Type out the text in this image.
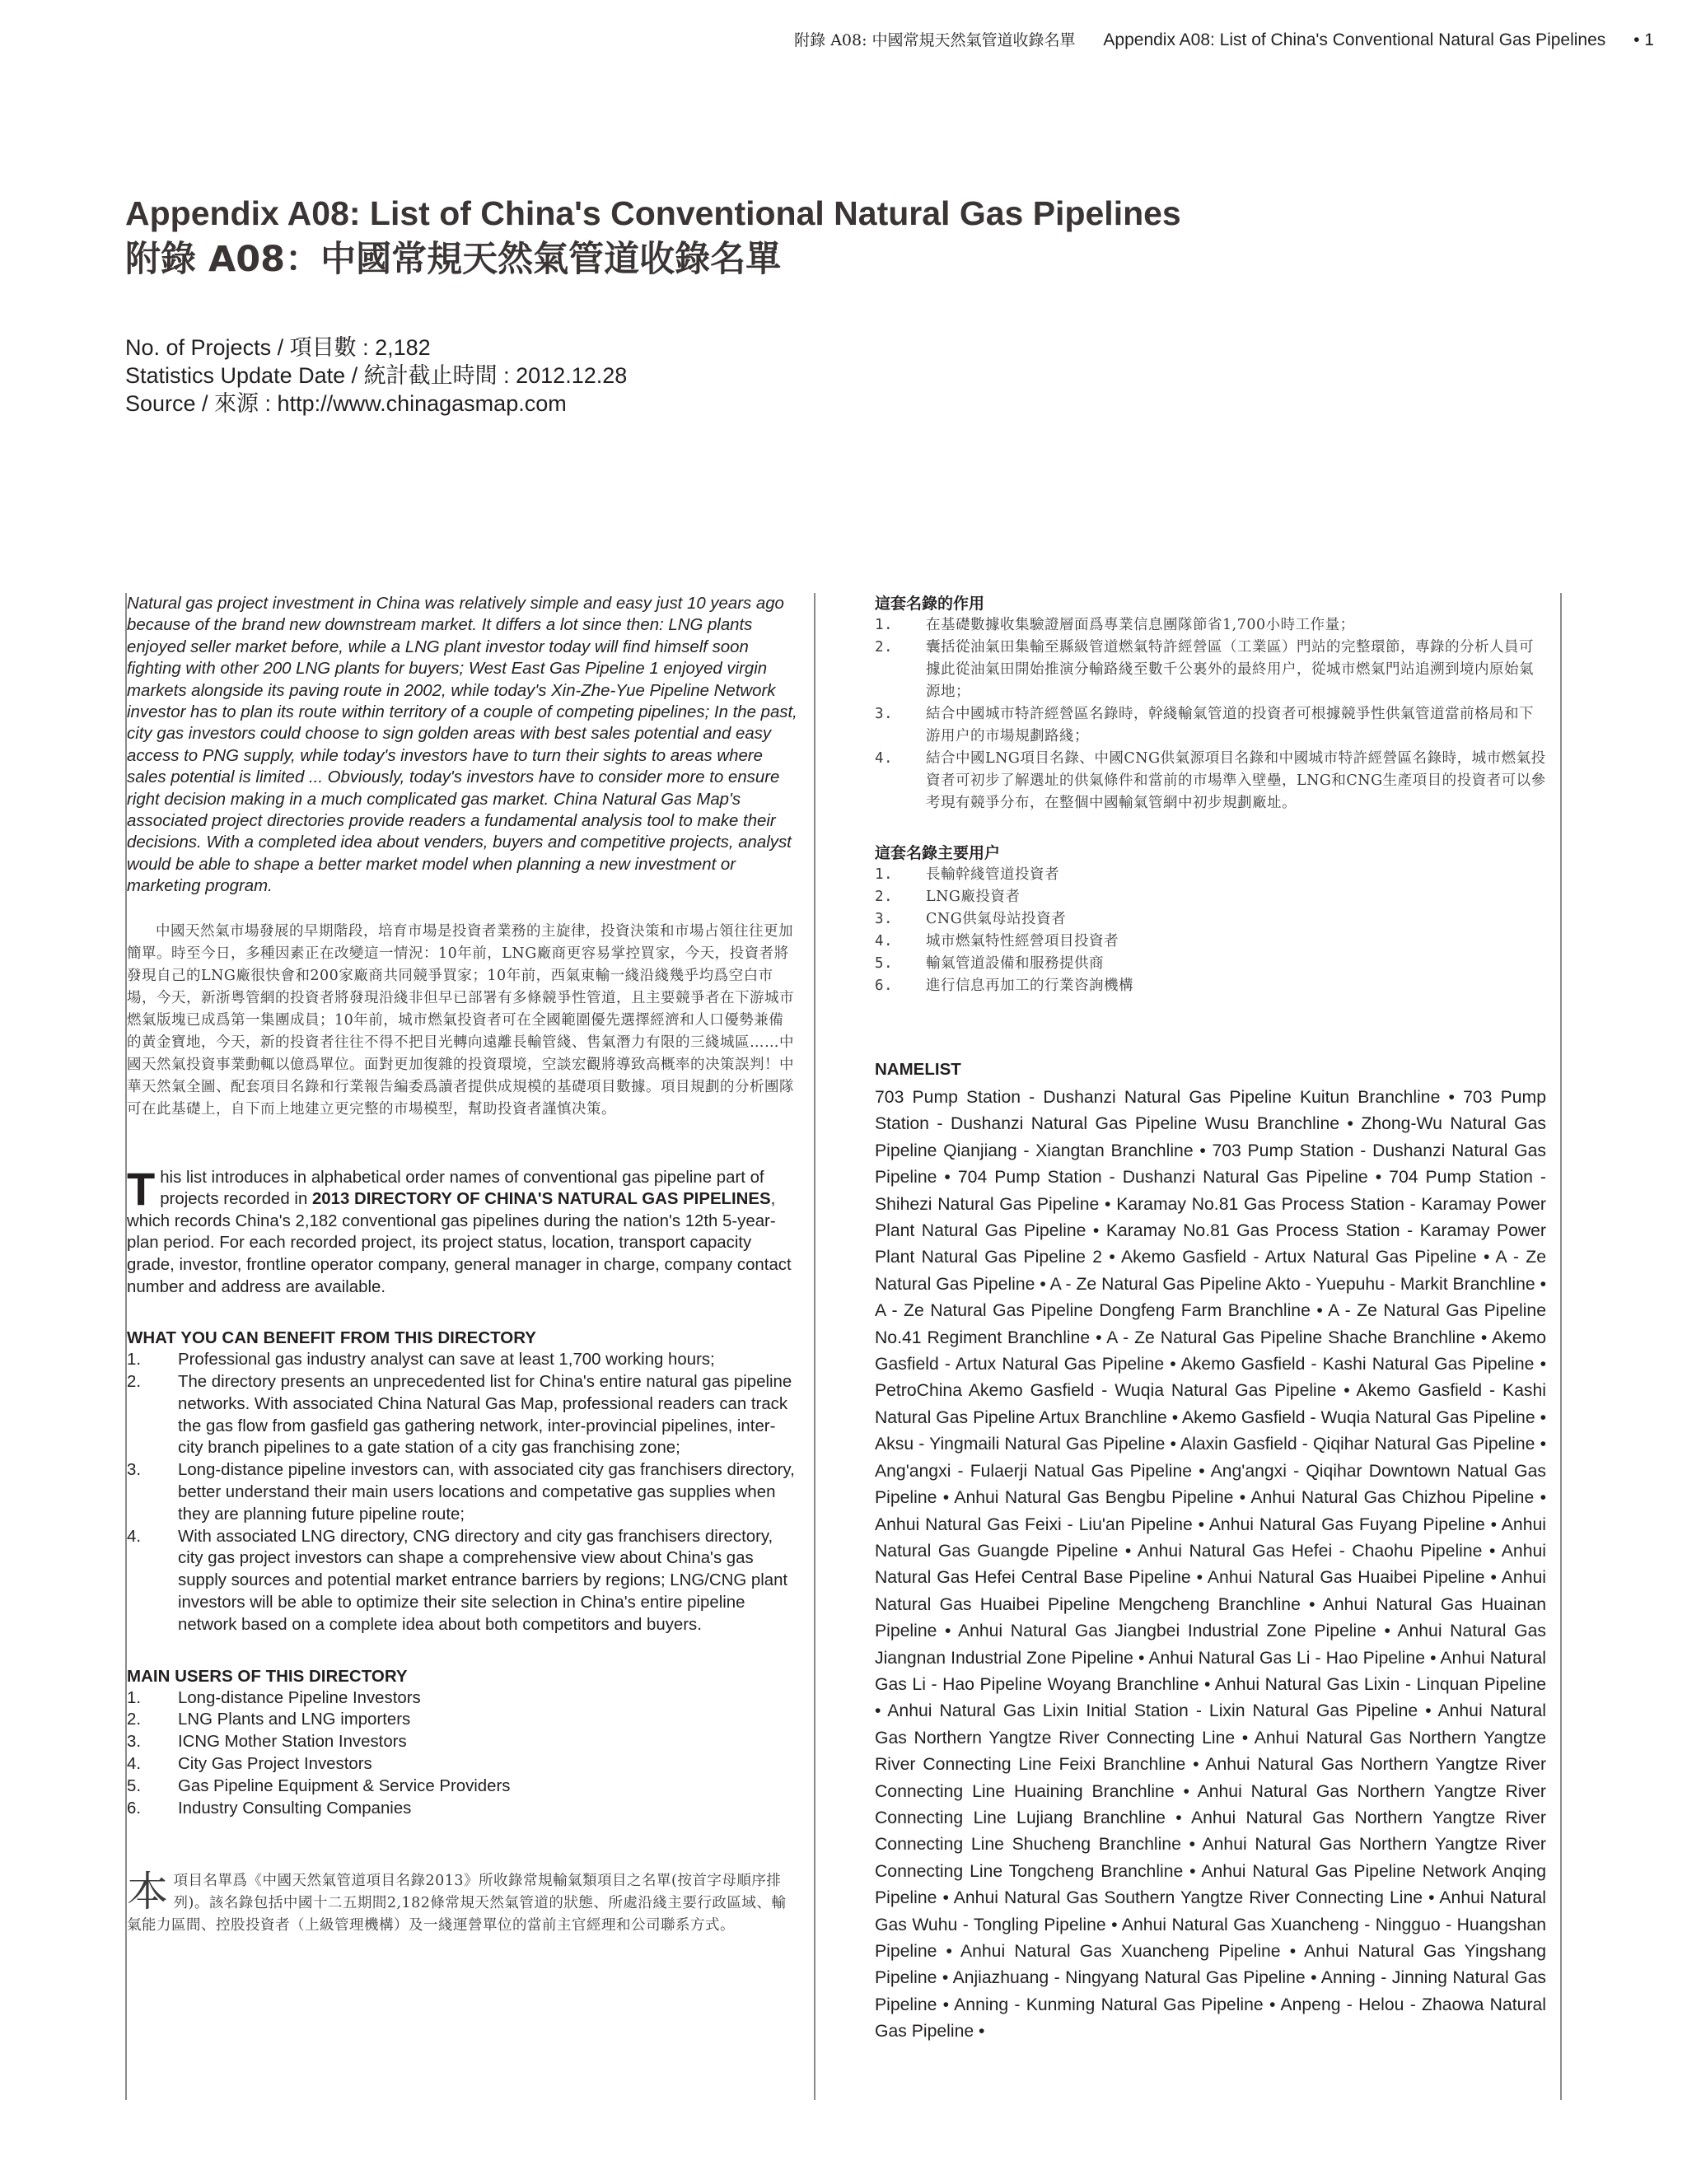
附錄 A08: 中國常規天然氣管道收錄名單 Appendix A08: List of China's Conventional Natural Gas Pipelines • 1
Appendix A08: List of China's Conventional Natural Gas Pipelines
附錄 A08：中國常規天然氣管道收錄名單
No. of Projects / 項目數 : 2,182
Statistics Update Date / 統計截止時間 : 2012.12.28
Source / 來源 : http://www.chinagasmap.com

Natural gas project investment in China was relatively simple and easy just 10 years ago because of the brand new downstream market. It differs a lot since then: LNG plants enjoyed seller market before, while a LNG plant investor today will find himself soon fighting with other 200 LNG plants for buyers; West East Gas Pipeline 1 enjoyed virgin markets alongside its paving route in 2002, while today's Xin-Zhe-Yue Pipeline Network investor has to plan its route within territory of a couple of competing pipelines; In the past, city gas investors could choose to sign golden areas with best sales potential and easy access to PNG supply, while today's investors have to turn their sights to areas where sales potential is limited ... Obviously, today's investors have to consider more to ensure right decision making in a much complicated gas market. China Natural Gas Map's associated project directories provide readers a fundamental analysis tool to make their decisions. With a completed idea about venders, buyers and competitive projects, analyst would be able to shape a better market model when planning a new investment or marketing program.

中國天然氣市場發展的早期階段，培育市場是投資者業務的主旋律，投資決策和市場占領往往更加簡單。時至今日，多種因素正在改變這一情況：10年前，LNG廠商更容易掌控買家，今天，投資者將發現自己的LNG廠很快會和200家廠商共同競爭買家；10年前，西氣東輸一綫沿綫幾乎均爲空白市場，今天，新浙粵管網的投資者將發現沿綫非但早已部署有多條競爭性管道，且主要競爭者在下游城市燃氣版塊已成爲第一集團成員；10年前，城市燃氣投資者可在全國範圍優先選擇經濟和人口優勢兼備的黃金寶地，今天，新的投資者往往不得不把目光轉向遠離長輸管綫、售氣潛力有限的三綫城區……中國天然氣投資事業動輒以億爲單位。面對更加復雜的投資環境，空談宏觀將導致高概率的决策誤判！中華天然氣全圖、配套項目名錄和行業報告編委爲讀者提供成規模的基礎項目數據。項目規劃的分析團隊可在此基礎上，自下而上地建立更完整的市場模型，幫助投資者謹慎决策。

This list introduces in alphabetical order names of conventional gas pipeline part of projects recorded in 2013 DIRECTORY OF CHINA'S NATURAL GAS PIPELINES, which records China's 2,182 conventional gas pipelines during the nation's 12th 5-year-plan period. For each recorded project, its project status, location, transport capacity grade, investor, frontline operator company, general manager in charge, company contact number and address are available.

WHAT YOU CAN BENEFIT FROM THIS DIRECTORY
1. Professional gas industry analyst can save at least 1,700 working hours;
2. The directory presents an unprecedented list for China's entire natural gas pipeline networks. With associated China Natural Gas Map, professional readers can track the gas flow from gasfield gas gathering network, inter-provincial pipelines, inter-city branch pipelines to a gate station of a city gas franchising zone;
3. Long-distance pipeline investors can, with associated city gas franchisers directory, better understand their main users locations and competative gas supplies when they are planning future pipeline route;
4. With associated LNG directory, CNG directory and city gas franchisers directory, city gas project investors can shape a comprehensive view about China's gas supply sources and potential market entrance barriers by regions; LNG/CNG plant investors will be able to optimize their site selection in China's entire pipeline network based on a complete idea about both competitors and buyers.
MAIN USERS OF THIS DIRECTORY
1. Long-distance Pipeline Investors
2. LNG Plants and LNG importers
3. ICNG Mother Station Investors
4. City Gas Project Investors
5. Gas Pipeline Equipment & Service Providers
6. Industry Consulting Companies

本項目名單爲《中國天然氣管道項目名錄2013》所收錄常規輸氣類項目之名單(按首字母順序排列)。該名錄包括中國十二五期間2,182條常規天然氣管道的狀態、所處沿綫主要行政區域、輸氣能力區間、控股投資者（上級管理機構）及一綫運營單位的當前主官經理和公司聯系方式。

這套名錄的作用
1. 在基礎數據收集驗證層面爲專業信息團隊節省1,700小時工作量；
2. 囊括從油氣田集輸至縣級管道燃氣特許經營區（工業區）門站的完整環節，專錄的分析人員可據此從油氣田開始推演分輸路綫至數千公裏外的最終用户，從城市燃氣門站追溯到境内原始氣源地；
3. 結合中國城市特許經營區名錄時，幹綫輸氣管道的投資者可根據競爭性供氣管道當前格局和下游用户的市場規劃路綫；
4. 結合中國LNG項目名錄、中國CNG供氣源項目名錄和中國城市特許經營區名錄時，城市燃氣投資者可初步了解選址的供氣條件和當前的市場準入壁壘，LNG和CNG生產項目的投資者可以參考現有競爭分布，在整個中國輸氣管網中初步規劃廠址。
這套名錄主要用户
1. 長輸幹綫管道投資者
2. LNG廠投資者
3. CNG供氣母站投資者
4. 城市燃氣特性經營項目投資者
5. 輸氣管道設備和服務提供商
6. 進行信息再加工的行業咨詢機構
NAMELIST

703 Pump Station - Dushanzi Natural Gas Pipeline Kuitun Branchline • 703 Pump Station - Dushanzi Natural Gas Pipeline Wusu Branchline • Zhong-Wu Natural Gas Pipeline Qianjiang - Xiangtan Branchline • 703 Pump Station - Dushanzi Natural Gas Pipeline • 704 Pump Station - Dushanzi Natural Gas Pipeline • 704 Pump Station - Shihezi Natural Gas Pipeline • Karamay No.81 Gas Process Station - Karamay Power Plant Natural Gas Pipeline • Karamay No.81 Gas Process Station - Karamay Power Plant Natural Gas Pipeline 2 • Akemo Gasfield - Artux Natural Gas Pipeline • A - Ze Natural Gas Pipeline • A - Ze Natural Gas Pipeline Akto - Yuepuhu - Markit Branchline • A - Ze Natural Gas Pipeline Dongfeng Farm Branchline • A - Ze Natural Gas Pipeline No.41 Regiment Branchline • A - Ze Natural Gas Pipeline Shache Branchline • Akemo Gasfield - Artux Natural Gas Pipeline • Akemo Gasfield - Kashi Natural Gas Pipeline • PetroChina Akemo Gasfield - Wuqia Natural Gas Pipeline • Akemo Gasfield - Kashi Natural Gas Pipeline Artux Branchline • Akemo Gasfield - Wuqia Natural Gas Pipeline • Aksu - Yingmaili Natural Gas Pipeline • Alaxin Gasfield - Qiqihar Natural Gas Pipeline • Ang'angxi - Fulaerji Natual Gas Pipeline • Ang'angxi - Qiqihar Downtown Natual Gas Pipeline • Anhui Natural Gas Bengbu Pipeline • Anhui Natural Gas Chizhou Pipeline • Anhui Natural Gas Feixi - Liu'an Pipeline • Anhui Natural Gas Fuyang Pipeline • Anhui Natural Gas Guangde Pipeline • Anhui Natural Gas Hefei - Chaohu Pipeline • Anhui Natural Gas Hefei Central Base Pipeline • Anhui Natural Gas Huaibei Pipeline • Anhui Natural Gas Huaibei Pipeline Mengcheng Branchline • Anhui Natural Gas Huainan Pipeline • Anhui Natural Gas Jiangbei Industrial Zone Pipeline • Anhui Natural Gas Jiangnan Industrial Zone Pipeline • Anhui Natural Gas Li - Hao Pipeline • Anhui Natural Gas Li - Hao Pipeline Woyang Branchline • Anhui Natural Gas Lixin - Linquan Pipeline • Anhui Natural Gas Lixin Initial Station - Lixin Natural Gas Pipeline • Anhui Natural Gas Northern Yangtze River Connecting Line • Anhui Natural Gas Northern Yangtze River Connecting Line Feixi Branchline • Anhui Natural Gas Northern Yangtze River Connecting Line Huaining Branchline • Anhui Natural Gas Northern Yangtze River Connecting Line Lujiang Branchline • Anhui Natural Gas Northern Yangtze River Connecting Line Shucheng Branchline • Anhui Natural Gas Northern Yangtze River Connecting Line Tongcheng Branchline • Anhui Natural Gas Pipeline Network Anqing Pipeline • Anhui Natural Gas Southern Yangtze River Connecting Line • Anhui Natural Gas Wuhu - Tongling Pipeline • Anhui Natural Gas Xuancheng - Ningguo - Huangshan Pipeline • Anhui Natural Gas Xuancheng Pipeline • Anhui Natural Gas Yingshang Pipeline • Anjiazhuang - Ningyang Natural Gas Pipeline • Anning - Jinning Natural Gas Pipeline • Anning - Kunming Natural Gas Pipeline • Anpeng - Helou - Zhaowa Natural Gas Pipeline •
